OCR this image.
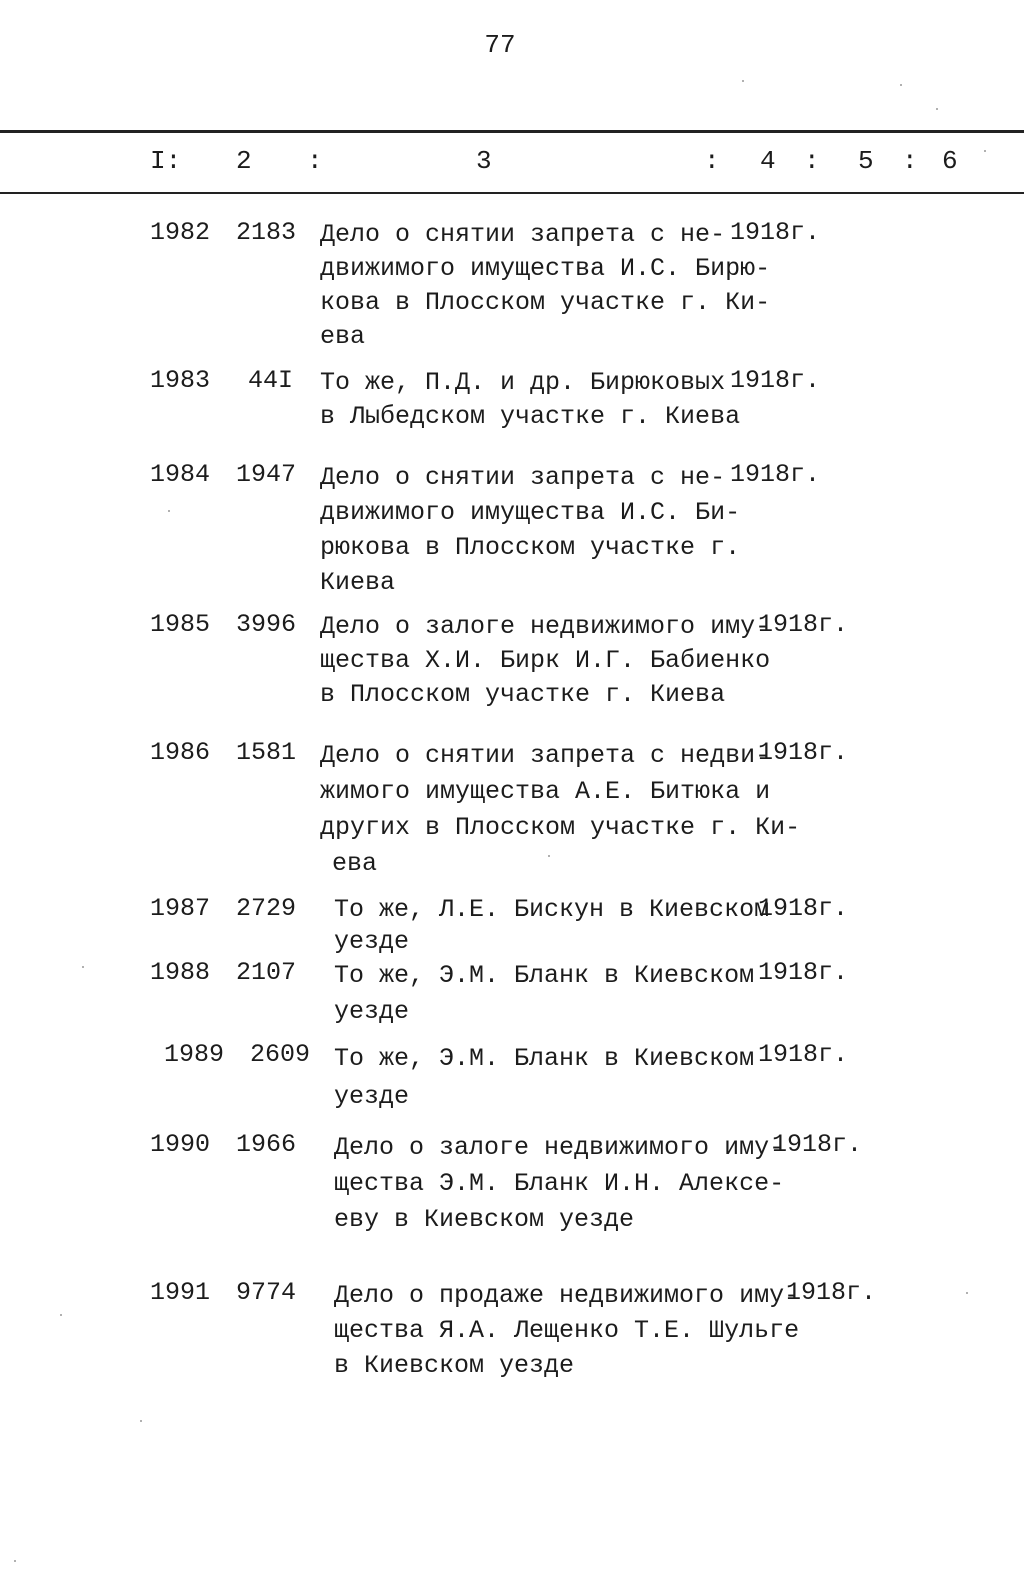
77
I: 2 :	3	: 4 : 5 : 6
1982 2183 Дело о снятии запрета с не-
движимого имущества И.С. Бирю-
кова в Плосском участке г. Ки-
ева
1918г.
1983 44I То же, П.Д. и др. Бирюковых
в Лыбедском участке г. Киева
1918г.
1984 1947 Дело о снятии запрета с не-
движимого имущества И.С. Би-
рюкова в Плосском участке г.
Киева
1918г.
1985 3996 Дело о залоге недвижимого иму-
щества Х.И. Бирк И.Г. Бабиенко
в Плосском участке г. Киева
1918г.
1986 1581 Дело о снятии запрета с недви-
жимого имущества А.Е. Битюка и
других в Плосском участке г. Ки-
ева
1918г.
1987 2729 То же, Л.Е. Бискун в Киевском
уезде
1918г.
1988 2107 То же, Э.М. Бланк в Киевском
уезде
1918г.
1989 2609 То же, Э.М. Бланк в Киевском
уезде
1918г.
1990 1966 Дело о залоге недвижимого иму-
щества Э.М. Бланк И.Н. Алексе-
еву в Киевском уезде
1918г.
1991 9774 Дело о продаже недвижимого иму-
щества Я.А. Лещенко Т.Е. Шульге
в Киевском уезде
1918г.
